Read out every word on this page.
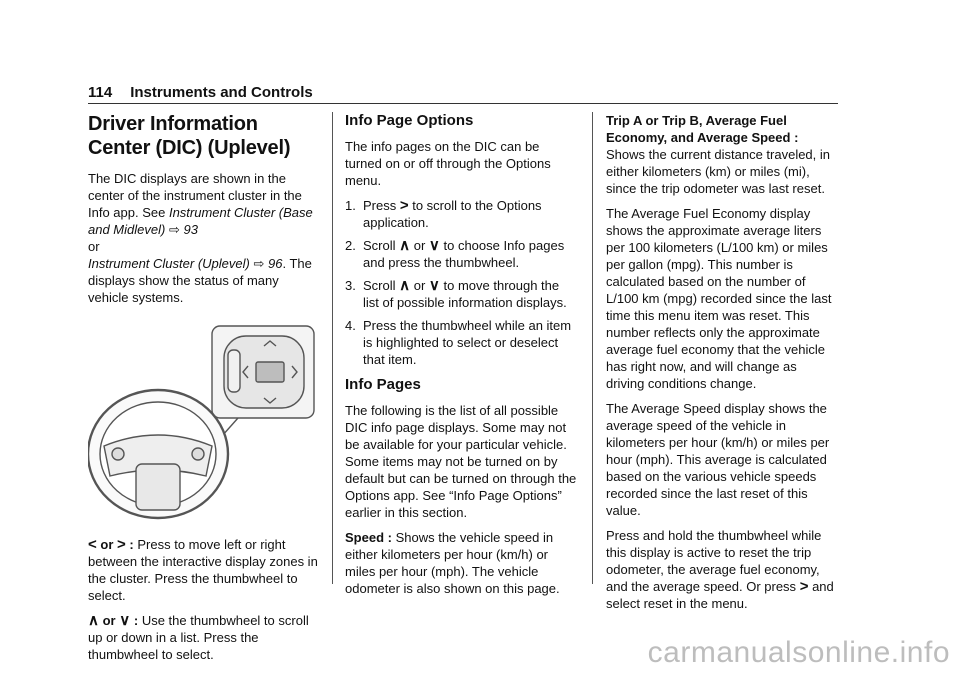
114 Instruments and Controls
Driver Information Center (DIC) (Uplevel)

The DIC displays are shown in the center of the instrument cluster in the Info app. See Instrument Cluster (Base and Midlevel) ⇨ 93
or
Instrument Cluster (Uplevel) ⇨ 96. The displays show the status of many vehicle systems.

< or > : Press to move left or right between the interactive display zones in the cluster. Press the thumbwheel to select.

∧ or ∨ : Use the thumbwheel to scroll up or down in a list. Press the thumbwheel to select.

Info Page Options

The info pages on the DIC can be turned on or off through the Options menu.

1. Press > to scroll to the Options application.
2. Scroll ∧ or ∨ to choose Info pages and press the thumbwheel.
3. Scroll ∧ or ∨ to move through the list of possible information displays.
4. Press the thumbwheel while an item is highlighted to select or deselect that item.
Info Pages

The following is the list of all possible DIC info page displays. Some may not be available for your particular vehicle. Some items may not be turned on by default but can be turned on through the Options app. See “Info Page Options” earlier in this section.

Speed : Shows the vehicle speed in either kilometers per hour (km/h) or miles per hour (mph). The vehicle odometer is also shown on this page.

Trip A or Trip B, Average Fuel Economy, and Average Speed : Shows the current distance traveled, in either kilometers (km) or miles (mi), since the trip odometer was last reset.

The Average Fuel Economy display shows the approximate average liters per 100 kilometers (L/100 km) or miles per gallon (mpg). This number is calculated based on the number of L/100 km (mpg) recorded since the last time this menu item was reset. This number reflects only the approximate average fuel economy that the vehicle has right now, and will change as driving conditions change.

The Average Speed display shows the average speed of the vehicle in kilometers per hour (km/h) or miles per hour (mph). This average is calculated based on the various vehicle speeds recorded since the last reset of this value.

Press and hold the thumbwheel while this display is active to reset the trip odometer, the average fuel economy, and the average speed. Or press > and select reset in the menu.

carmanualsonline.info
